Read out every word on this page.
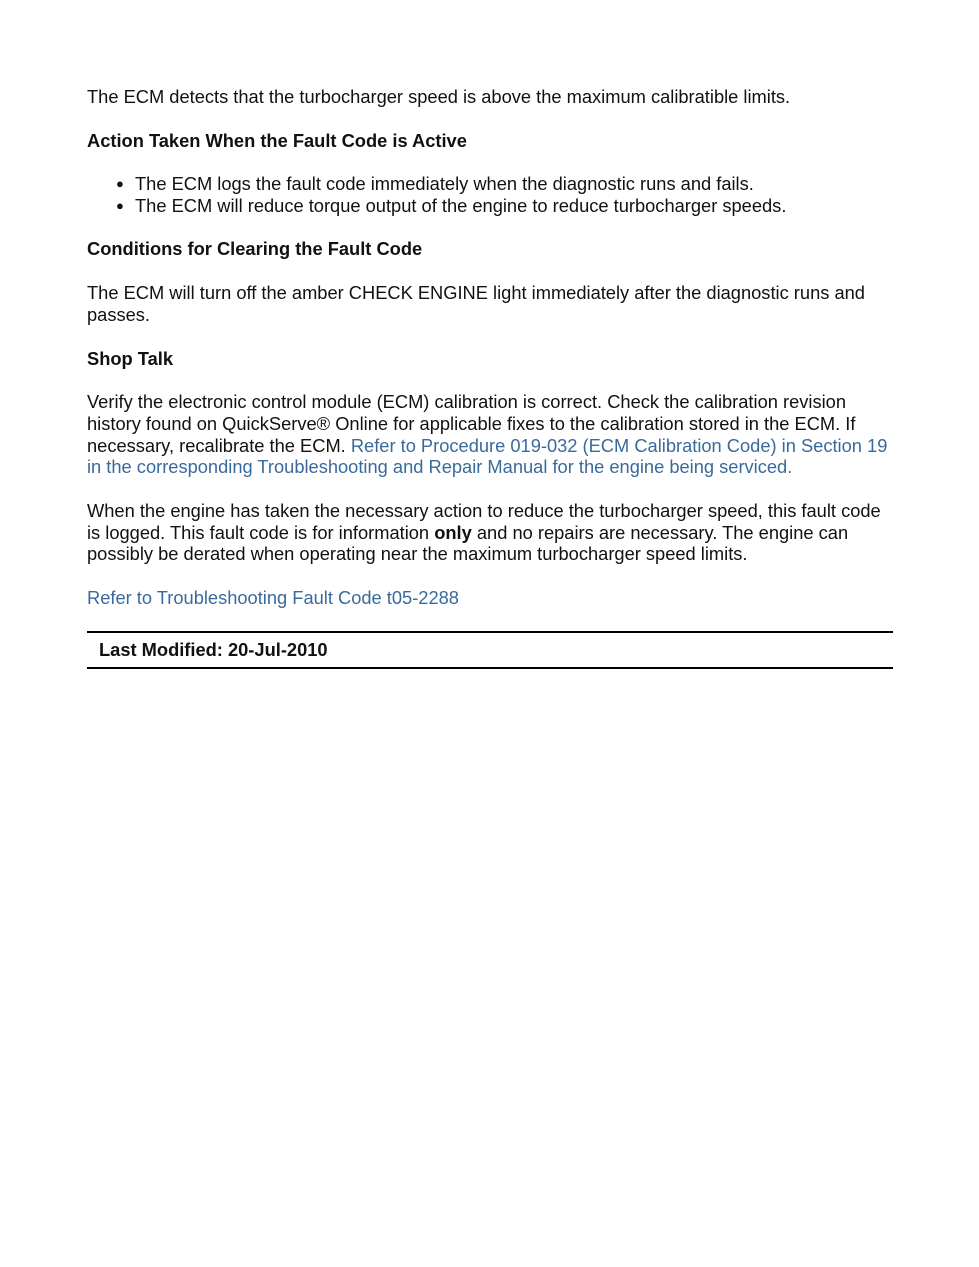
The ECM detects that the turbocharger speed is above the maximum calibratible limits.

Action Taken When the Fault Code is Active
● The ECM logs the fault code immediately when the diagnostic runs and fails.
● The ECM will reduce torque output of the engine to reduce turbocharger speeds.
Conditions for Clearing the Fault Code

The ECM will turn off the amber CHECK ENGINE light immediately after the diagnostic runs and passes.

Shop Talk

Verify the electronic control module (ECM) calibration is correct. Check the calibration revision history found on QuickServe® Online for applicable fixes to the calibration stored in the ECM. If necessary, recalibrate the ECM. Refer to Procedure 019-032 (ECM Calibration Code) in Section 19 in the corresponding Troubleshooting and Repair Manual for the engine being serviced.

When the engine has taken the necessary action to reduce the turbocharger speed, this fault code is logged. This fault code is for information only and no repairs are necessary. The engine can possibly be derated when operating near the maximum turbocharger speed limits.

Refer to Troubleshooting Fault Code t05-2288

Last Modified: 20-Jul-2010
